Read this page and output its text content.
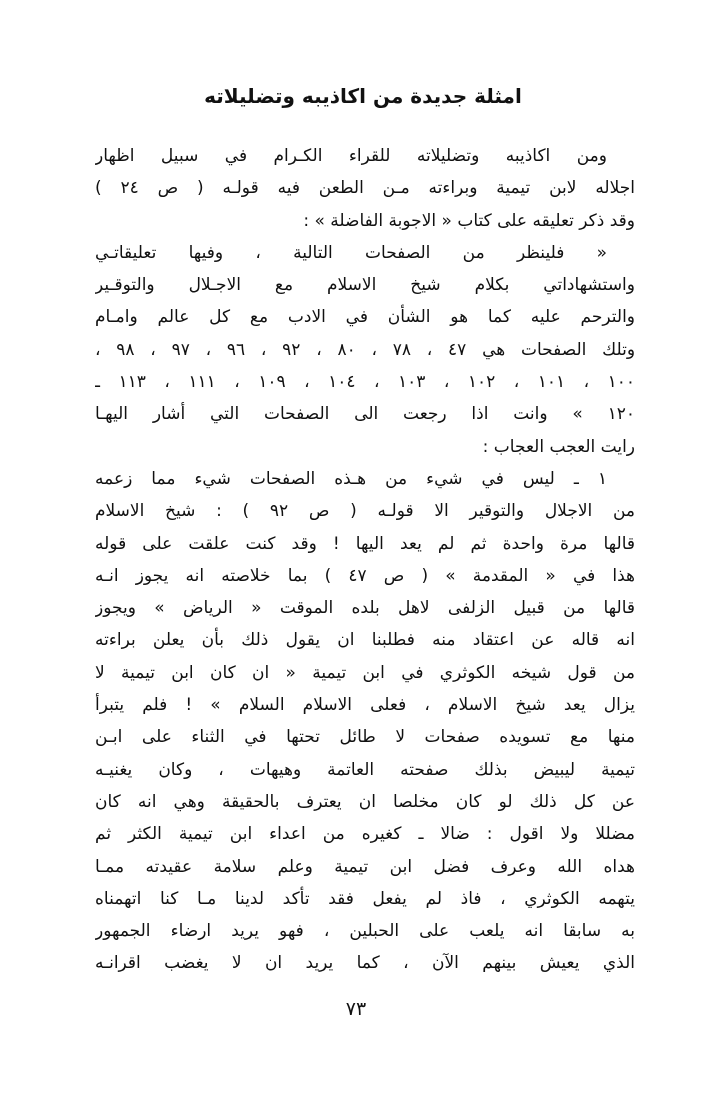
امثلة جديدة من اكاذيبه وتضليلاته
ومن اكاذيبه وتضليلاته للقراء الكـرام في سبيل اظهار
اجلاله لابن تيمية وبراءته مـن الطعن فيه قولـه ( ص ٢٤ )
وقد ذكر تعليقه على كتاب « الاجوبة الفاضلة » :
« فلينظر من الصفحات التالية ، وفيها تعليقاتـي
واستشهاداتي بكلام شيخ الاسلام مع الاجـلال والتوقـير
والترحم عليه كما هو الشأن في الادب مع كل عالم وامـام
وتلك الصفحات هي ٤٧ ، ٧٨ ، ٨٠ ، ٩٢ ، ٩٦ ، ٩٧ ، ٩٨ ،
١٠٠ ، ١٠١ ، ١٠٢ ، ١٠٣ ، ١٠٤ ، ١٠٩ ، ١١١ ، ١١٣ ـ
١٢٠ » وانت اذا رجعت الى الصفحات التي أشار اليهـا
رايت العجب العجاب :
١ ـ ليس في شيء من هـذه الصفحات شيء مما زعمه
من الاجلال والتوقير الا قولـه ( ص ٩٢ ) : شيخ الاسلام
قالها مرة واحدة ثم لم يعد اليها ! وقد كنت علقت على قوله
هذا في « المقدمة » ( ص ٤٧ ) بما خلاصته انه يجوز انـه
قالها من قبيل الزلفى لاهل بلده الموقت « الرياض » ويجوز
انه قاله عن اعتقاد منه فطلبنا ان يقول ذلك بأن يعلن براءته
من قول شيخه الكوثري في ابن تيمية « ان كان ابن تيمية لا
يزال يعد شيخ الاسلام ، فعلى الاسلام السلام » ! فلم يتبرأ
منها مع تسويده صفحات لا طائل تحتها في الثناء على ابـن
تيمية ليبيض بذلك صفحته العاتمة وهيهات ، وكان يغنيـه
عن كل ذلك لو كان مخلصا ان يعترف بالحقيقة وهي انه كان
مضللا ولا اقول : ضالا ـ كغيره من اعداء ابن تيمية الكثر ثم
هداه الله وعرف فضل ابن تيمية وعلم سلامة عقيدته ممـا
يتهمه الكوثري ، فاذ لم يفعل فقد تأكد لدينا مـا كنا اتهمناه
به سابقا انه يلعب على الحبلين ، فهو يريد ارضاء الجمهور
الذي يعيش بينهم الآن ، كما يريد ان لا يغضب اقرانـه
٧٣
